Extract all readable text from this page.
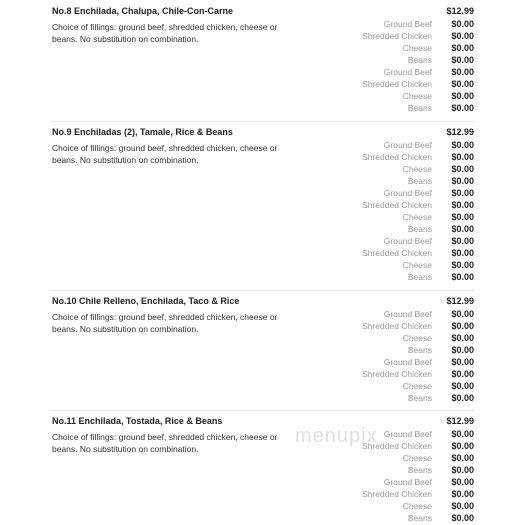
No.8 Enchilada, Chalupa, Chile-Con-Carne	$12.99
Choice of fillings: ground beef, shredded chicken, cheese or beans. No substitution on combination.
Ground Beef	$0.00
Shredded Chicken	$0.00
Cheese	$0.00
Beans	$0.00
Ground Beef	$0.00
Shredded Chicken	$0.00
Cheese	$0.00
Beans	$0.00
No.9 Enchiladas (2), Tamale, Rice & Beans	$12.99
Choice of fillings: ground beef, shredded chicken, cheese or beans. No substitution on combination.
Ground Beef	$0.00
Shredded Chicken	$0.00
Cheese	$0.00
Beans	$0.00
Ground Beef	$0.00
Shredded Chicken	$0.00
Cheese	$0.00
Beans	$0.00
Ground Beef	$0.00
Shredded Chicken	$0.00
Cheese	$0.00
Beans	$0.00
No.10 Chile Relleno, Enchilada, Taco & Rice	$12.99
Choice of fillings: ground beef, shredded chicken, cheese or beans. No substitution on combination.
Ground Beef	$0.00
Shredded Chicken	$0.00
Cheese	$0.00
Beans	$0.00
Ground Beef	$0.00
Shredded Chicken	$0.00
Cheese	$0.00
Beans	$0.00
No.11 Enchilada, Tostada, Rice & Beans	$12.99
Choice of fillings: ground beef, shredded chicken, cheese or beans. No substitution on combination.
Ground Beef	$0.00
Shredded Chicken	$0.00
Cheese	$0.00
Beans	$0.00
Ground Beef	$0.00
Shredded Chicken	$0.00
Cheese	$0.00
Beans	$0.00
menupix
